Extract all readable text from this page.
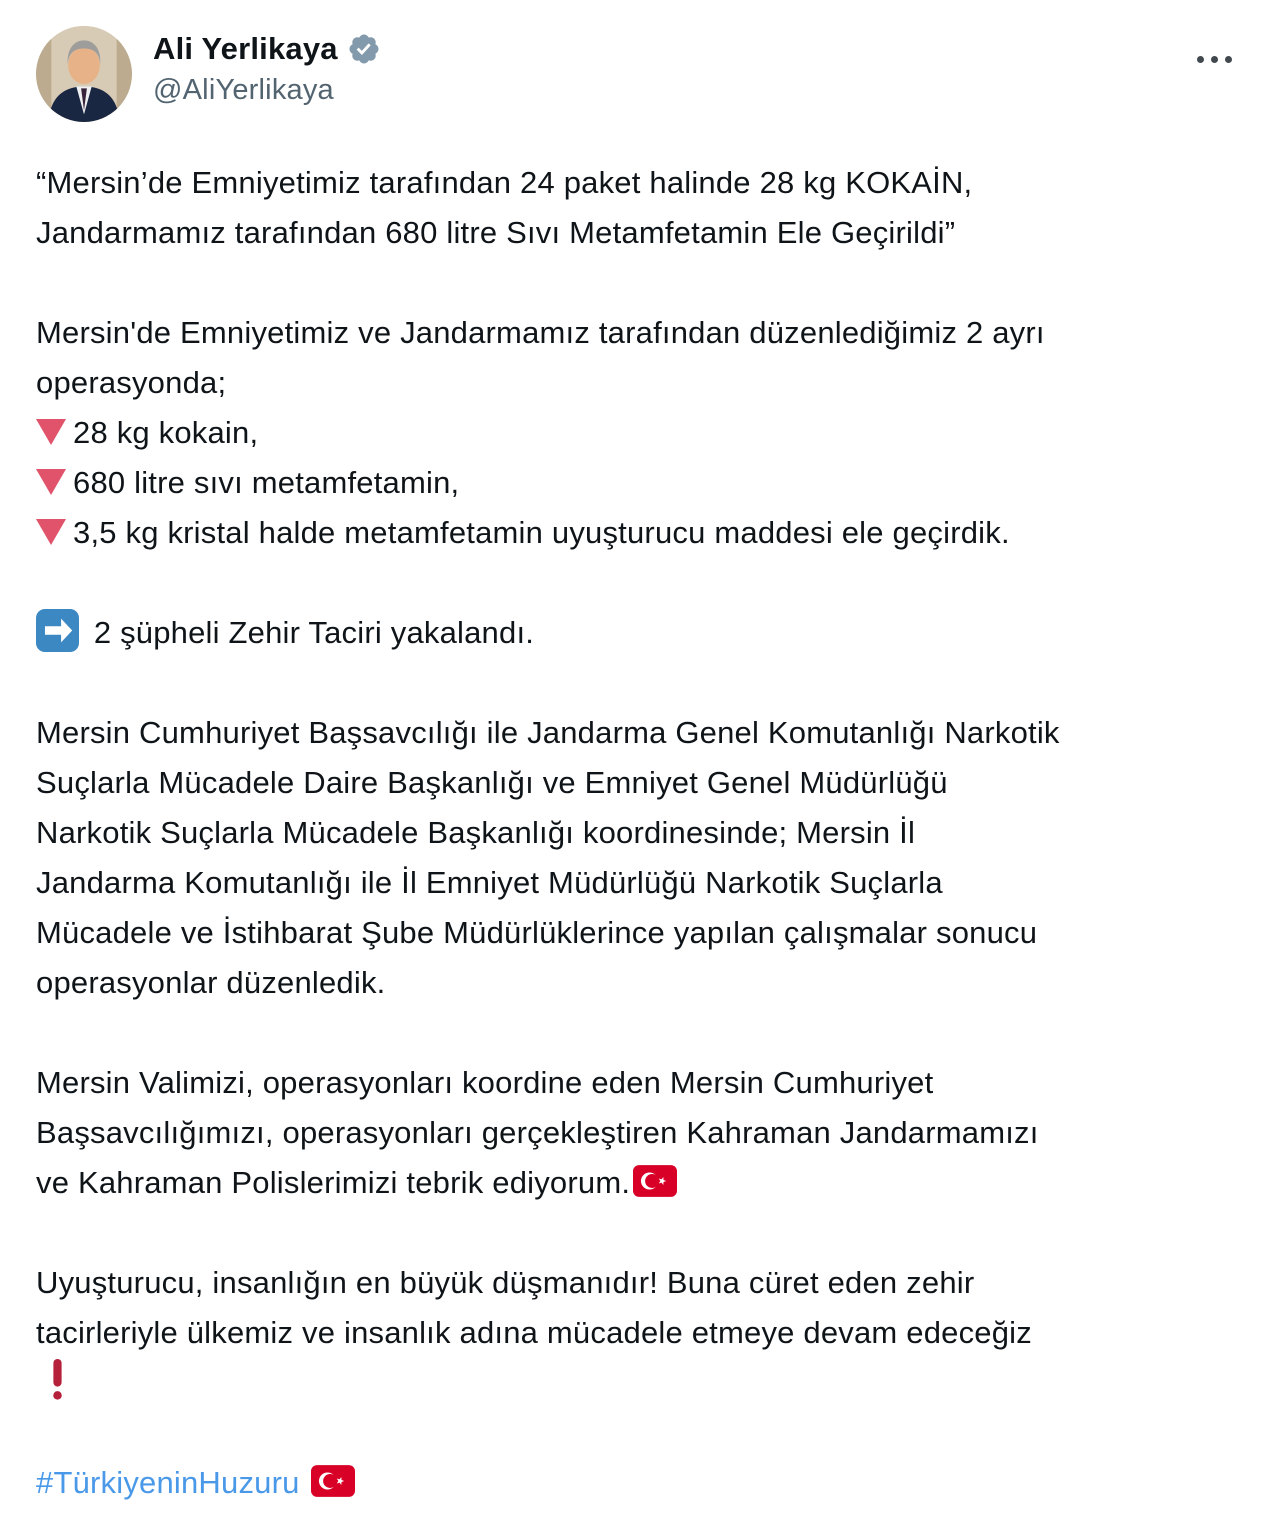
Ali Yerlikaya
@AliYerlikaya
“Mersin’de Emniyetimiz tarafından 24 paket halinde 28 kg KOKAİN,
Jandarmamız tarafından 680 litre Sıvı Metamfetamin Ele Geçirildi”
Mersin'de Emniyetimiz ve Jandarmamız tarafından düzenlediğimiz 2 ayrı
operasyonda;
28 kg kokain,
680 litre sıvı metamfetamin,
3,5 kg kristal halde metamfetamin uyuşturucu maddesi ele geçirdik.
2 şüpheli Zehir Taciri yakalandı.
Mersin Cumhuriyet Başsavcılığı ile Jandarma Genel Komutanlığı Narkotik
Suçlarla Mücadele Daire Başkanlığı ve Emniyet Genel Müdürlüğü
Narkotik Suçlarla Mücadele Başkanlığı koordinesinde; Mersin İl
Jandarma Komutanlığı ile İl Emniyet Müdürlüğü Narkotik Suçlarla
Mücadele ve İstihbarat Şube Müdürlüklerince yapılan çalışmalar sonucu
operasyonlar düzenledik.
Mersin Valimizi, operasyonları koordine eden Mersin Cumhuriyet
Başsavcılığımızı, operasyonları gerçekleştiren Kahraman Jandarmamızı
ve Kahraman Polislerimizi tebrik ediyorum.
Uyuşturucu, insanlığın en büyük düşmanıdır! Buna cüret eden zehir
tacirleriyle ülkemiz ve insanlık adına mücadele etmeye devam edeceğiz

#TürkiyeninHuzuru
